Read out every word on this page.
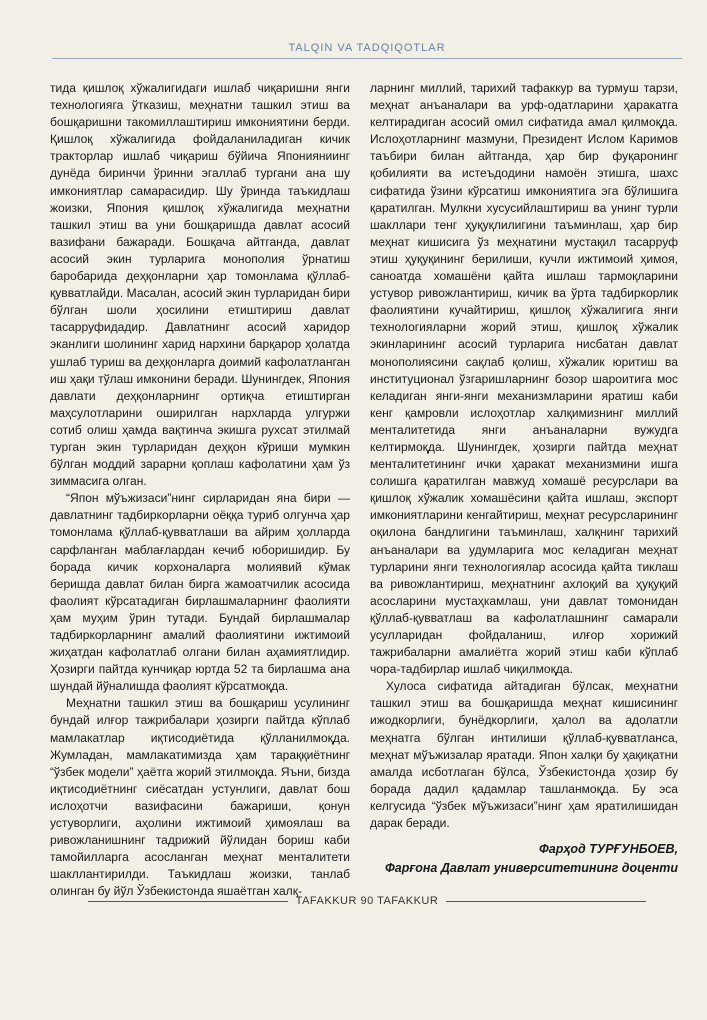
TALQIN VA TADQIQOTLAR

тида қишлоқ хўжалигидаги ишлаб чиқаришни янги технологияга ўтказиш, меҳнатни ташкил этиш ва бошқаришни такомиллаштириш имкониятини берди. Қишлоқ хўжалигида фойдаланиладиган кичик тракторлар ишлаб чиқариш бўйича Японияниинг дунёда биринчи ўринни эгаллаб тургани ана шу имкониятлар самарасидир. Шу ўринда таъкидлаш жоизки, Япония қишлоқ хўжалигида меҳнатни ташкил этиш ва уни бошқаришда давлат асосий вазифани бажаради. Бошқача айтганда, давлат асосий экин турларига монополия ўрнатиш баробарида деҳқонларни ҳар томонлама қўллаб-қувватлайди. Масалан, асосий экин турларидан бири бўлган шоли ҳосилини етиштириш давлат тасарруфидадир. Давлатнинг асосий харидор эканлиги шолининг харид нархини барқарор ҳолатда ушлаб туриш ва деҳқонларга доимий кафолатланган иш ҳақи тўлаш имконини беради. Шунингдек, Япония давлати деҳқонларнинг ортиқча етиштирган маҳсулотларини оширилган нархларда улгуржи сотиб олиш ҳамда вақтинча экишга рухсат этилмай турган экин турларидан деҳқон кўриши мумкин бўлган моддий зарарни қоплаш кафолатини ҳам ўз зиммасига олган.

“Япон мўъжизаси”нинг сирларидан яна бири — давлатнинг тадбиркорларни оёққа туриб олгунча ҳар томонлама қўллаб-қувватлаши ва айрим ҳолларда сарфланган маблағлардан кечиб юборишидир. Бу борада кичик корхоналарга молиявий кўмак беришда давлат билан бирга жамоатчилик асосида фаолият кўрсатадиган бирлашмаларнинг фаолияти ҳам муҳим ўрин тутади. Бундай бирлашмалар тадбиркорларнинг амалий фаолиятини ижтимоий жиҳатдан кафолатлаб олгани билан аҳамиятлидир. Ҳозирги пайтда кунчиқар юртда 52 та бирлашма ана шундай йўналишда фаолият кўрсатмоқда.

Меҳнатни ташкил этиш ва бошқариш усулининг бундай илғор тажрибалари ҳозирги пайтда кўплаб мамлакатлар иқтисодиётида қўлланилмоқда. Жумладан, мамлакатимизда ҳам тараққиётнинг “ўзбек модели” ҳаётга жорий этилмоқда. Яъни, бизда иқтисодиётнинг сиёсатдан устунлиги, давлат бош ислоҳотчи вазифасини бажариши, қонун устуворлиги, аҳолини ижтимоий ҳимоялаш ва ривожланишнинг тадрижий йўлидан бориш каби тамойилларга асосланган меҳнат менталитети шакллантирилди. Таъкидлаш жоизки, танлаб олинган бу йўл Ўзбекистонда яшаётган халқ-

ларнинг миллий, тарихий тафаккур ва турмуш тарзи, меҳнат анъаналари ва урф-одатларини ҳаракатга келтирадиган асосий омил сифатида амал қилмоқда. Ислоҳотларнинг мазмуни, Президент Ислом Каримов таъбири билан айтганда, ҳар бир фуқаронинг қобилияти ва истеъдодини намоён этишга, шахс сифатида ўзини кўрсатиш имкониятига эга бўлишига қаратилган. Мулкни хусусийлаштириш ва унинг турли шакллари тенг ҳуқуқлилигини таъминлаш, ҳар бир меҳнат кишисига ўз меҳнатини мустақил тасарруф этиш ҳуқуқининг берилиши, кучли ижтимоий ҳимоя, саноатда хомашёни қайта ишлаш тармоқларини устувор ривожлантириш, кичик ва ўрта тадбиркорлик фаолиятини кучайтириш, қишлоқ хўжалигига янги технологияларни жорий этиш, қишлоқ хўжалик экинларининг асосий турларига нисбатан давлат монополиясини сақлаб қолиш, хўжалик юритиш ва институционал ўзгаришларнинг бозор шароитига мос келадиган янги-янги механизмларини яратиш каби кенг қамровли ислоҳотлар халқимизнинг миллий менталитетида янги анъаналарни вужудга келтирмоқда. Шунингдек, ҳозирги пайтда меҳнат менталитетининг ички ҳаракат механизмини ишга солишга қаратилган мавжуд хомашё ресурслари ва қишлоқ хўжалик хомашёсини қайта ишлаш, экспорт имкониятларини кенгайтириш, меҳнат ресурсларининг оқилона бандлигини таъминлаш, халқнинг тарихий анъаналари ва удумларига мос келадиган меҳнат турларини янги технологиялар асосида қайта тиклаш ва ривожлантириш, меҳнатнинг ахлоқий ва ҳуқуқий асосларини мустаҳкамлаш, уни давлат томонидан қўллаб-қувватлаш ва кафолатлашнинг самарали усулларидан фойдаланиш, илғор хорижий тажрибаларни амалиётга жорий этиш каби кўплаб чора-тадбирлар ишлаб чиқилмоқда.

Хулоса сифатида айтадиган бўлсак, меҳнатни ташкил этиш ва бошқаришда меҳнат кишисининг ижодкорлиги, бунёдкорлиги, ҳалол ва адолатли меҳнатга бўлган интилиши қўллаб-қувватланса, меҳнат мўъжизалар яратади. Япон халқи бу ҳақиқатни амалда исботлаган бўлса, Ўзбекистонда ҳозир бу борада дадил қадамлар ташланмоқда. Бу эса келгусида “ўзбек мўъжизаси”нинг ҳам яратилишидан дарак беради.

Фарҳод ТУРҒУНБОЕВ,
Фарғона Давлат университетининг доценти
TAFAKKUR 90 TAFAKKUR
